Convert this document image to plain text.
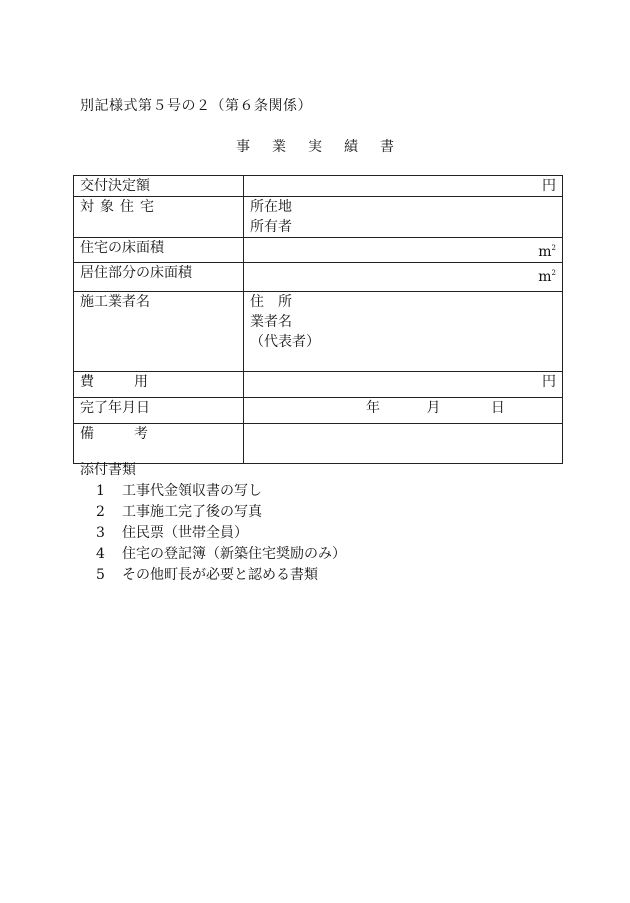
別記様式第５号の２（第６条関係）
事業実績書
交付決定額	円

対象住宅	所在地
所有者

住宅の床面積	$m^2$

居住部分の床面積	$m^2$

施工業者名	住　所
業者名
（代表者）

費用	円

完了年月日	年 月 日
備考	
添付書類
1 工事代金領収書の写し
2 工事施工完了後の写真
3 住民票（世帯全員）
4 住宅の登記簿（新築住宅奨励のみ）
5 その他町長が必要と認める書類
